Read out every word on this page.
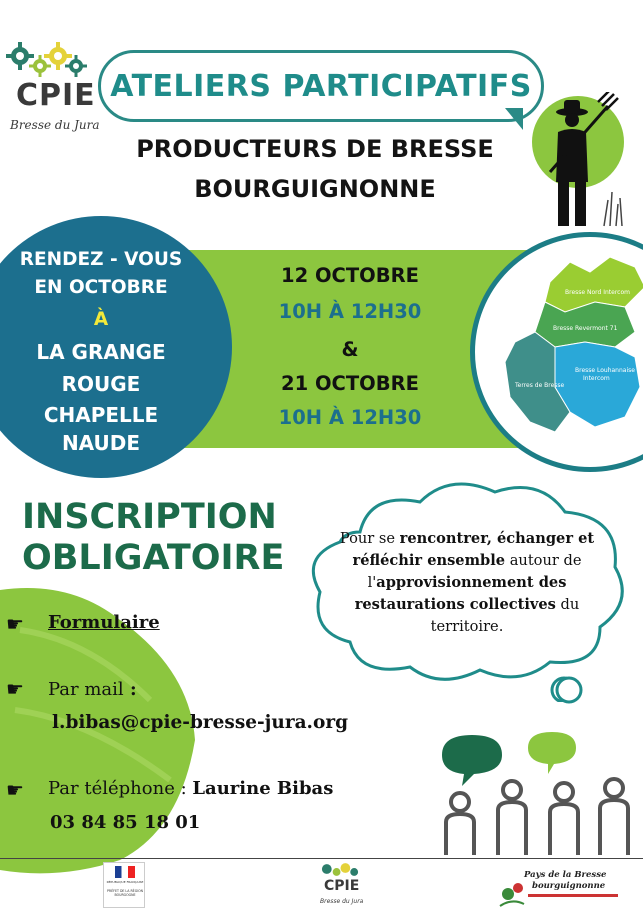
CPIE
Bresse du Jura
ATELIERS PARTICIPATIFS
PRODUCTEURS DE BRESSE
BOURGUIGNONNE
12 OCTOBRE
10H À 12H30
&
21 OCTOBRE
10H À 12H30
RENDEZ - VOUS
EN OCTOBRE
À
LA GRANGE
ROUGE
CHAPELLE NAUDE
Bresse Nord Intercom
Bresse Revermont 71
Bresse Louhannaise
Intercom
Terres de Bresse
INSCRIPTION
OBLIGATOIRE	Pour se rencontrer, échanger et
réfléchir ensemble autour de
l'approvisionnement des
restaurations collectives du
territoire.
☛ Formulaire
☛ Par mail :
l.bibas@cpie-bresse-jura.org
☛ Par téléphone : Laurine Bibas
03 84 85 18 01
RÉPUBLIQUE FRANÇAISE
PRÉFET DE LA RÉGION BOURGOGNE
CPIE
Bresse du Jura
Pays de la Bresse
bourguignonne
